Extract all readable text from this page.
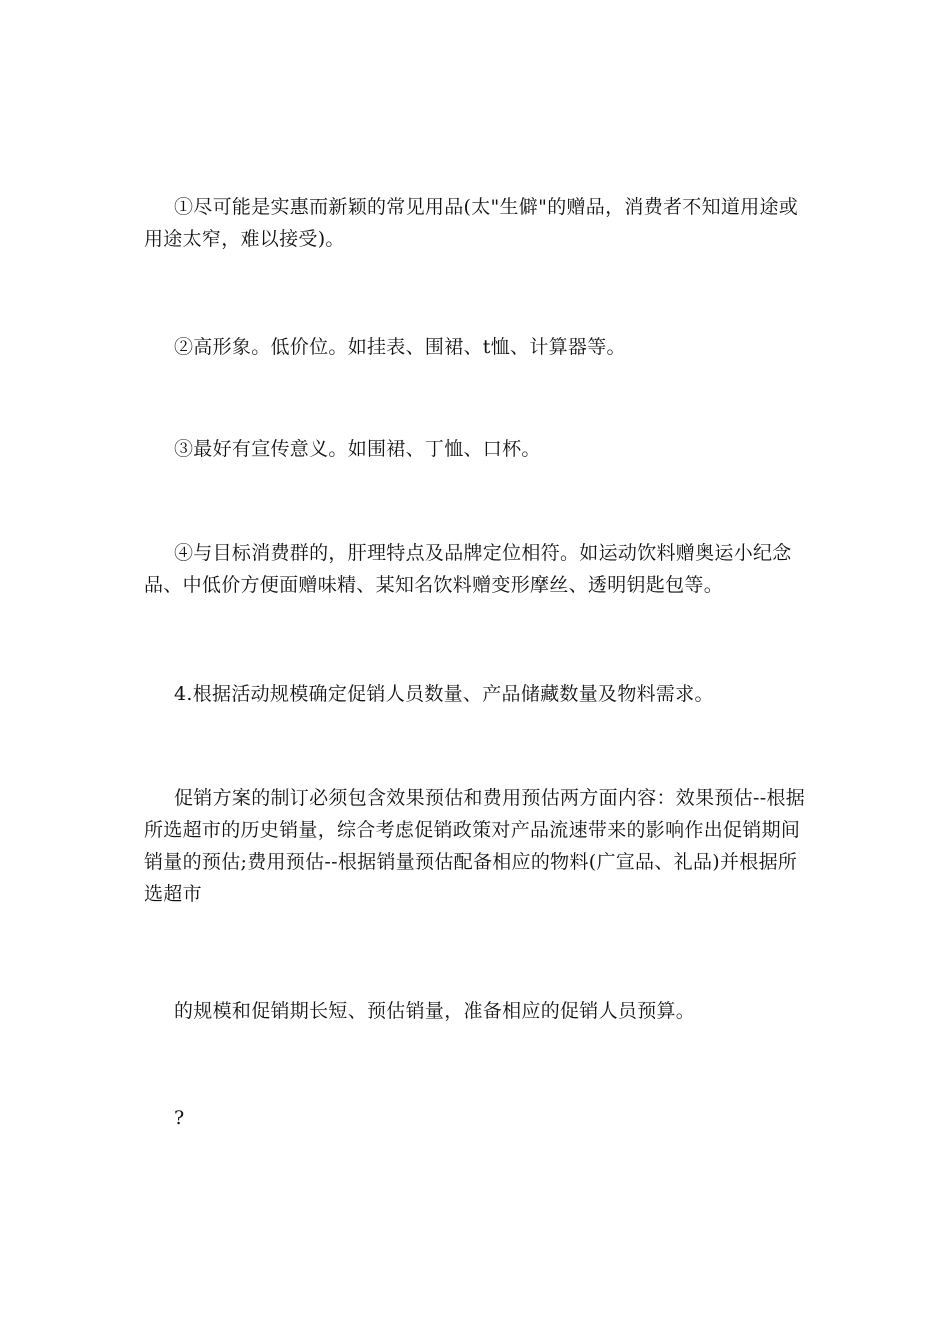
①尽可能是实惠而新颖的常见用品(太"生僻"的赠品，消费者不知道用途或用途太窄，难以接受)。

②高形象。低价位。如挂表、围裙、t恤、计算器等。

③最好有宣传意义。如围裙、丁恤、口杯。

④与目标消费群的，肝理特点及品牌定位相符。如运动饮料赠奥运小纪念品、中低价方便面赠味精、某知名饮料赠变形摩丝、透明钥匙包等。

4.根据活动规模确定促销人员数量、产品储藏数量及物料需求。

促销方案的制订必须包含效果预估和费用预估两方面内容：效果预估--根据所选超市的历史销量，综合考虑促销政策对产品流速带来的影响作出促销期间销量的预估;费用预估--根据销量预估配备相应的物料(广宣品、礼品)并根据所选超市

的规模和促销期长短、预估销量，准备相应的促销人员预算。

?
